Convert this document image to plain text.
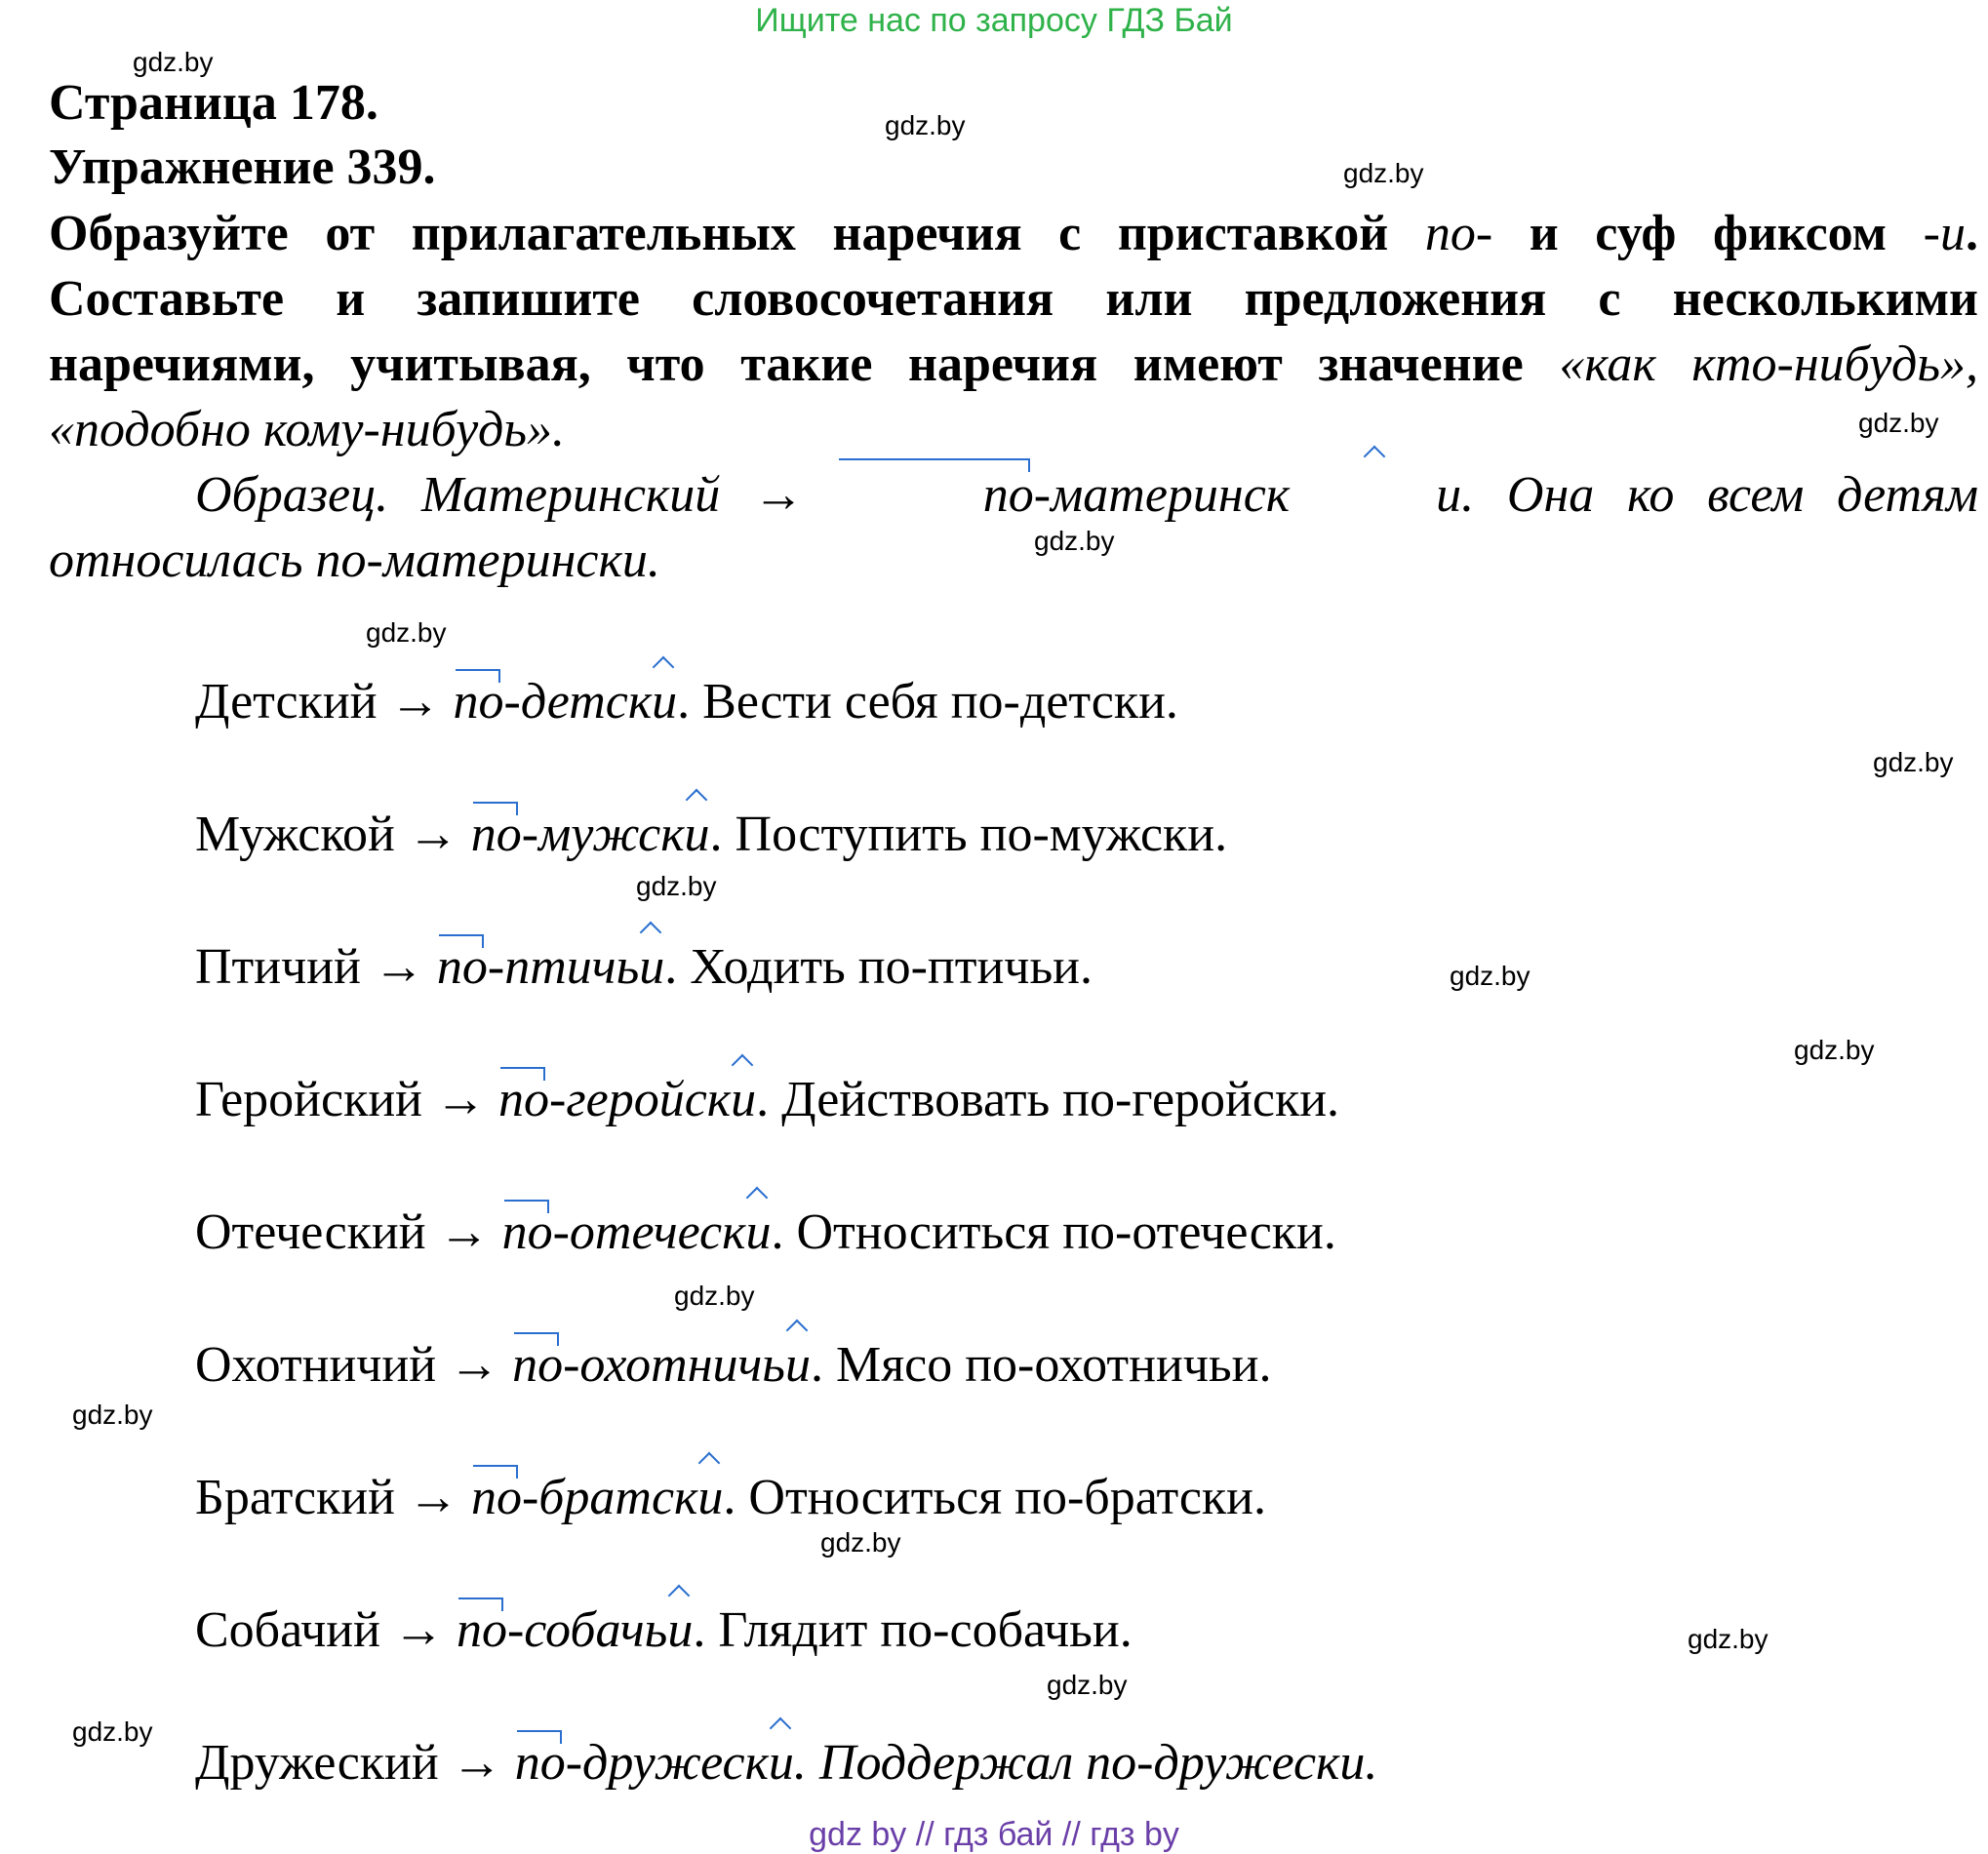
Ищите нас по запросу ГДЗ Бай
Страница 178.
Упражнение 339.
Образуйте от прилагательных наречия с приставкой по- и суф фиксом -и. Составьте и запишите словосочетания или предложения с несколькими наречиями, учитывая, что такие наречия имеют значение «как кто-нибудь», «подобно кому-нибудь».
Образец. Материнский →	по-материнск	и. Она ко всем детям относилась по-матерински.
Детский → по-детски. Вести себя по-детски.
Мужской → по-мужски. Поступить по-мужски.
Птичий → по-птичьи. Ходить по-птичьи.
Геройский → по-геройски. Действовать по-геройски.
Отеческий → по-отечески. Относиться по-отечески.
Охотничий → по-охотничьи. Мясо по-охотничьи.
Братский → по-братски. Относиться по-братски.
Собачий → по-собачьи. Глядит по-собачьи.
Дружеский → по-дружески. Поддержал по-дружески.
gdz.by
gdz.by
gdz.by
gdz.by
gdz.by
gdz.by
gdz.by
gdz.by
gdz.by
gdz.by
gdz.by
gdz.by
gdz.by
gdz.by
gdz.by
gdz.by
gdz by // гдз бай // гдз by
